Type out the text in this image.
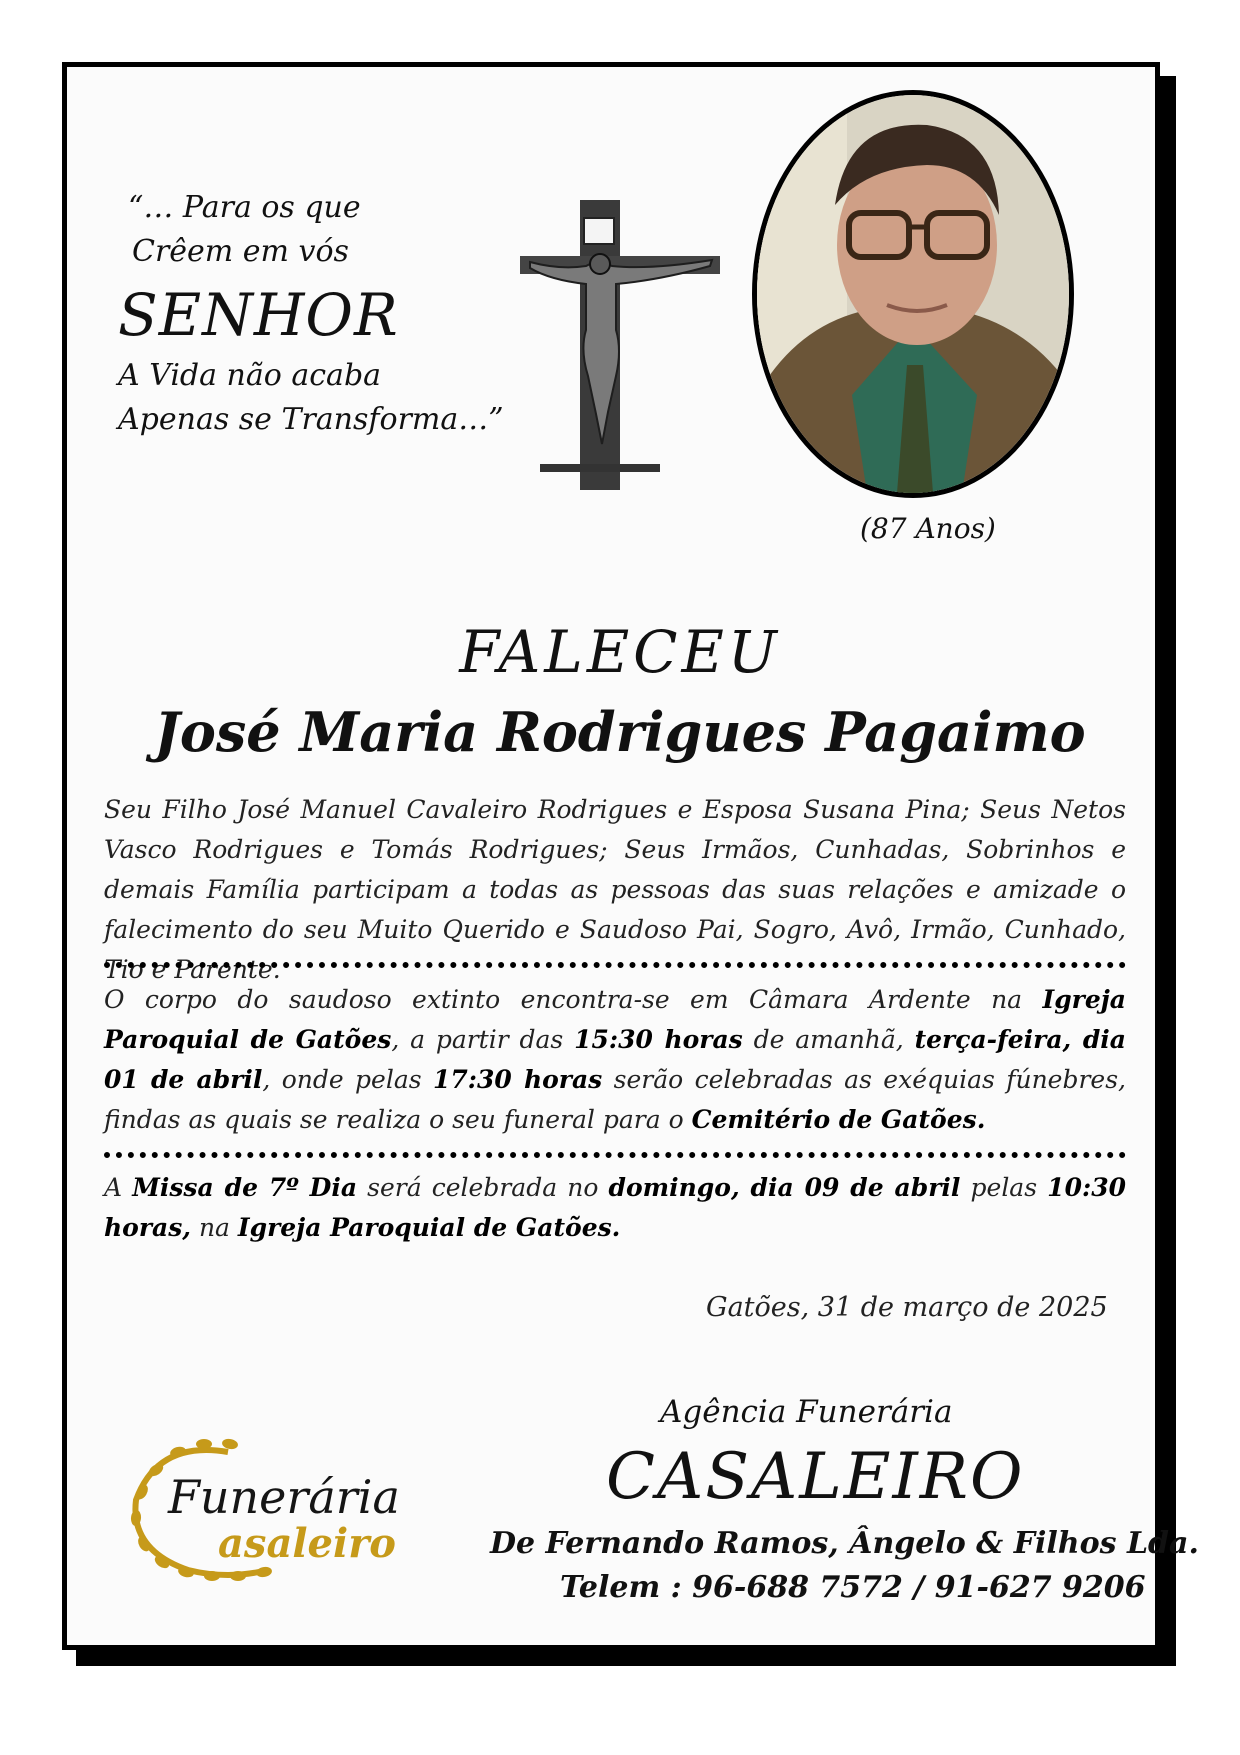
“… Para os que
Crêem em vós
SENHOR
A Vida não acaba
Apenas se Transforma…”
(87 Anos)
FALECEU
José Maria Rodrigues Pagaimo
Seu Filho José Manuel Cavaleiro Rodrigues e Esposa Susana Pina; Seus Netos Vasco Rodrigues e Tomás Rodrigues; Seus Irmãos, Cunhadas, Sobrinhos e demais Família participam a todas as pessoas das suas relações e amizade o falecimento do seu Muito Querido e Saudoso Pai, Sogro, Avô, Irmão, Cunhado, Tio e Parente.
O corpo do saudoso extinto encontra-se em Câmara Ardente na Igreja Paroquial de Gatões, a partir das 15:30 horas de amanhã, terça-feira, dia 01 de abril, onde pelas 17:30 horas serão celebradas as exéquias fúnebres, findas as quais se realiza o seu funeral para o Cemitério de Gatões.
A Missa de 7º Dia será celebrada no domingo, dia 09 de abril pelas 10:30 horas, na Igreja Paroquial de Gatões.
Gatões, 31 de março de 2025
Funerária
asaleiro
Agência Funerária
CASALEIRO
De Fernando Ramos, Ângelo & Filhos Lda.
Telem : 96-688 7572 / 91-627 9206
